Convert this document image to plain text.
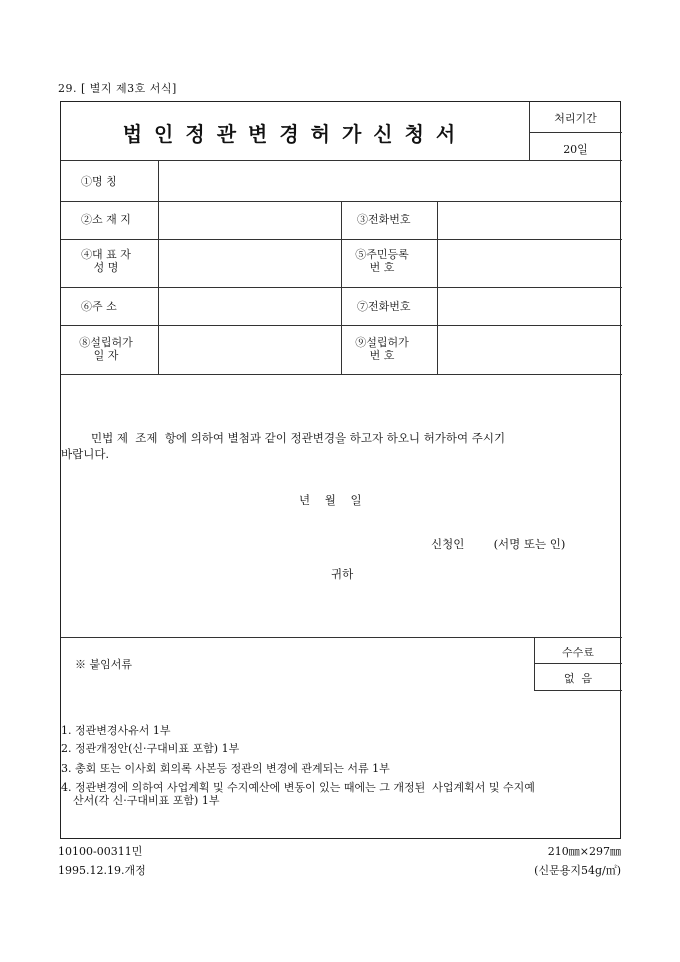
29. [ 별지 제3호 서식]
법인정관변경허가신청서
처리기간
20일
①명 칭
②소 재 지	③전화번호
④대 표 자
성 명
⑤주민등록
번 호
⑥주 소	⑦전화번호
⑧설립허가
일 자
⑨설립허가
번 호
민법 제  조제  항에 의하여 별첨과 같이 정관변경을 하고자 하오니 허가하여 주시기
바랍니다.
년    월    일
신청인        (서명 또는 인)
귀하
※ 붙임서류
수수료
없  음
1. 정관변경사유서 1부
2. 정관개정안(신·구대비표 포함) 1부
3. 총회 또는 이사회 회의록 사본등 정관의 변경에 관계되는 서류 1부
4. 정관변경에 의하여 사업계획 및 수지예산에 변동이 있는 때에는 그 개정된  사업계획서 및 수지예
산서(각 신·구대비표 포함) 1부
10100-00311민
1995.12.19.개정
210㎜×297㎜
(신문용지54g/㎡)
